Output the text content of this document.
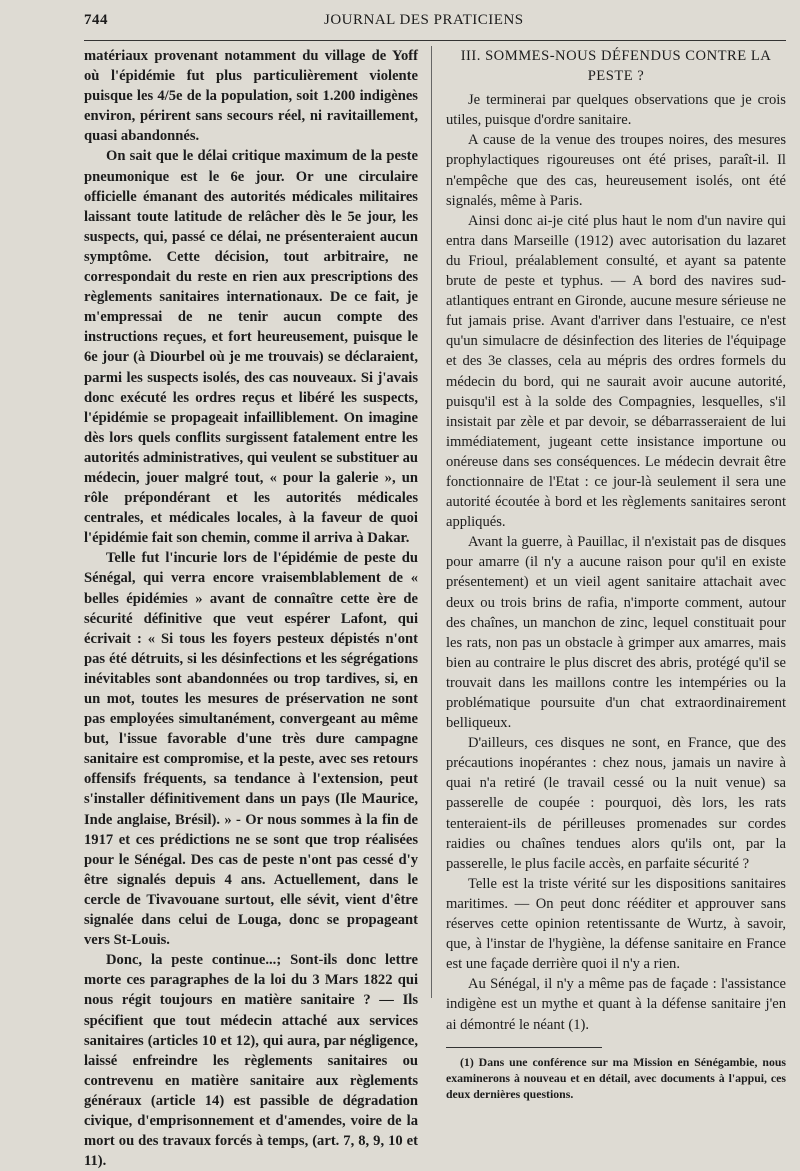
744	JOURNAL DES PRATICIENS

matériaux provenant notamment du village de Yoff où l'épidémie fut plus particulièrement violente puisque les 4/5e de la population, soit 1.200 indigènes environ, périrent sans secours réel, ni ravitaillement, quasi abandonnés.

On sait que le délai critique maximum de la peste pneumonique est le 6e jour. Or une circulaire officielle émanant des autorités médicales militaires laissant toute latitude de relâcher dès le 5e jour, les suspects, qui, passé ce délai, ne présenteraient aucun symptôme. Cette décision, tout arbitraire, ne correspondait du reste en rien aux prescriptions des règlements sanitaires internationaux. De ce fait, je m'empressai de ne tenir aucun compte des instructions reçues, et fort heureusement, puisque le 6e jour (à Diourbel où je me trouvais) se déclaraient, parmi les suspects isolés, des cas nouveaux. Si j'avais donc exécuté les ordres reçus et libéré les suspects, l'épidémie se propageait infailliblement. On imagine dès lors quels conflits surgissent fatalement entre les autorités administratives, qui veulent se substituer au médecin, jouer malgré tout, « pour la galerie », un rôle prépondérant et les autorités médicales centrales, et médicales locales, à la faveur de quoi l'épidémie fait son chemin, comme il arriva à Dakar.

Telle fut l'incurie lors de l'épidémie de peste du Sénégal, qui verra encore vraisemblablement de « belles épidémies » avant de connaître cette ère de sécurité définitive que veut espérer Lafont, qui écrivait : « Si tous les foyers pesteux dépistés n'ont pas été détruits, si les désinfections et les ségrégations inévitables sont abandonnées ou trop tardives, si, en un mot, toutes les mesures de préservation ne sont pas employées simultanément, convergeant au même but, l'issue favorable d'une très dure campagne sanitaire est compromise, et la peste, avec ses retours offensifs fréquents, sa tendance à l'extension, peut s'installer définitivement dans un pays (Ile Maurice, Inde anglaise, Brésil). » - Or nous sommes à la fin de 1917 et ces prédictions ne se sont que trop réalisées pour le Sénégal. Des cas de peste n'ont pas cessé d'y être signalés depuis 4 ans. Actuellement, dans le cercle de Tivavouane surtout, elle sévit, vient d'être signalée dans celui de Louga, donc se propageant vers St-Louis.

Donc, la peste continue...; Sont-ils donc lettre morte ces paragraphes de la loi du 3 Mars 1822 qui nous régit toujours en matière sanitaire ? — Ils spécifient que tout médecin attaché aux services sanitaires (articles 10 et 12), qui aura, par négligence, laissé enfreindre les règlements sanitaires ou contrevenu en matière sanitaire aux règlements généraux (article 14) est passible de dégradation civique, d'emprisonnement et d'amendes, voire de la mort ou des travaux forcés à temps, (art. 7, 8, 9, 10 et 11).

III. SOMMES-NOUS DÉFENDUS CONTRE LA PESTE ?

Je terminerai par quelques observations que je crois utiles, puisque d'ordre sanitaire.

A cause de la venue des troupes noires, des mesures prophylactiques rigoureuses ont été prises, paraît-il. Il n'empêche que des cas, heureusement isolés, ont été signalés, même à Paris.

Ainsi donc ai-je cité plus haut le nom d'un navire qui entra dans Marseille (1912) avec autorisation du lazaret du Frioul, préalablement consulté, et ayant sa patente brute de peste et typhus. — A bord des navires sud-atlantiques entrant en Gironde, aucune mesure sérieuse ne fut jamais prise. Avant d'arriver dans l'estuaire, ce n'est qu'un simulacre de désinfection des literies de l'équipage et des 3e classes, cela au mépris des ordres formels du médecin du bord, qui ne saurait avoir aucune autorité, puisqu'il est à la solde des Compagnies, lesquelles, s'il insistait par zèle et par devoir, se débarrasseraient de lui immédiatement, jugeant cette insistance importune ou onéreuse dans ses conséquences. Le médecin devrait être fonctionnaire de l'Etat : ce jour-là seulement il sera une autorité écoutée à bord et les règlements sanitaires seront appliqués.

Avant la guerre, à Pauillac, il n'existait pas de disques pour amarre (il n'y a aucune raison pour qu'il en existe présentement) et un vieil agent sanitaire attachait avec deux ou trois brins de rafia, n'importe comment, autour des chaînes, un manchon de zinc, lequel constituait pour les rats, non pas un obstacle à grimper aux amarres, mais bien au contraire le plus discret des abris, protégé qu'il se trouvait dans les maillons contre les intempéries ou la problématique poursuite d'un chat extraordinairement belliqueux.

D'ailleurs, ces disques ne sont, en France, que des précautions inopérantes : chez nous, jamais un navire à quai n'a retiré (le travail cessé ou la nuit venue) sa passerelle de coupée : pourquoi, dès lors, les rats tenteraient-ils de périlleuses promenades sur cordes raidies ou chaînes tendues alors qu'ils ont, par la passerelle, le plus facile accès, en parfaite sécurité ?

Telle est la triste vérité sur les dispositions sanitaires maritimes. — On peut donc rééditer et approuver sans réserves cette opinion retentissante de Wurtz, à savoir, que, à l'instar de l'hygiène, la défense sanitaire en France est une façade derrière quoi il n'y a rien.

Au Sénégal, il n'y a même pas de façade : l'assistance indigène est un mythe et quant à la défense sanitaire j'en ai démontré le néant (1).

(1) Dans une conférence sur ma Mission en Sénégambie, nous examinerons à nouveau et en détail, avec documents à l'appui, ces deux dernières questions.
